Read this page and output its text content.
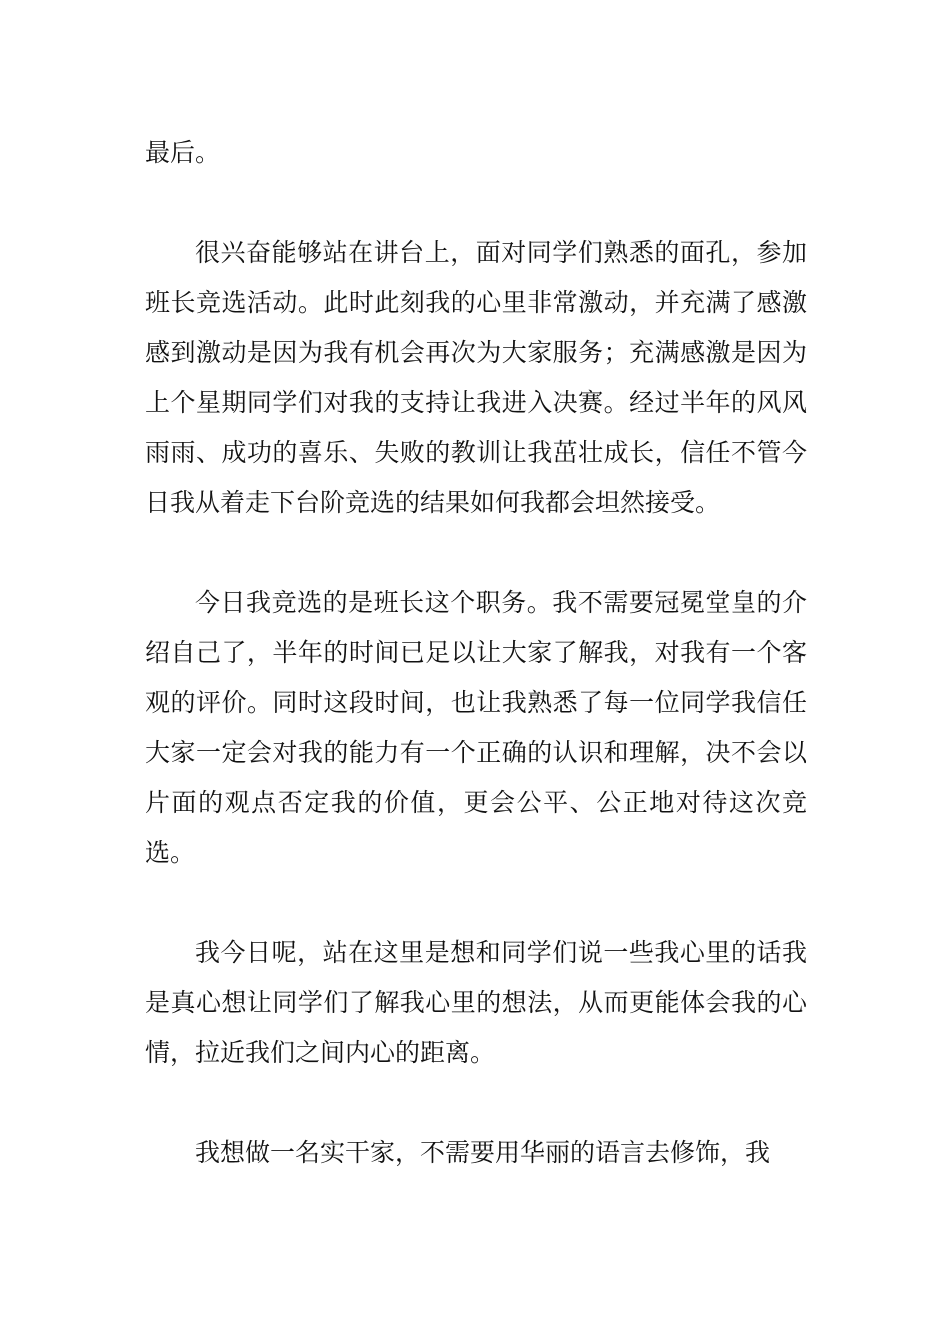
最后。

很兴奋能够站在讲台上，面对同学们熟悉的面孔，参加班长竞选活动。此时此刻我的心里非常激动，并充满了感激感到激动是因为我有机会再次为大家服务；充满感激是因为上个星期同学们对我的支持让我进入决赛。经过半年的风风雨雨、成功的喜乐、失败的教训让我茁壮成长，信任不管今日我从着走下台阶竞选的结果如何我都会坦然接受。

今日我竞选的是班长这个职务。我不需要冠冕堂皇的介绍自己了，半年的时间已足以让大家了解我，对我有一个客观的评价。同时这段时间，也让我熟悉了每一位同学我信任大家一定会对我的能力有一个正确的认识和理解，决不会以片面的观点否定我的价值，更会公平、公正地对待这次竞选。

我今日呢，站在这里是想和同学们说一些我心里的话我是真心想让同学们了解我心里的想法，从而更能体会我的心情，拉近我们之间内心的距离。

我想做一名实干家，不需要用华丽的语言去修饰，我
